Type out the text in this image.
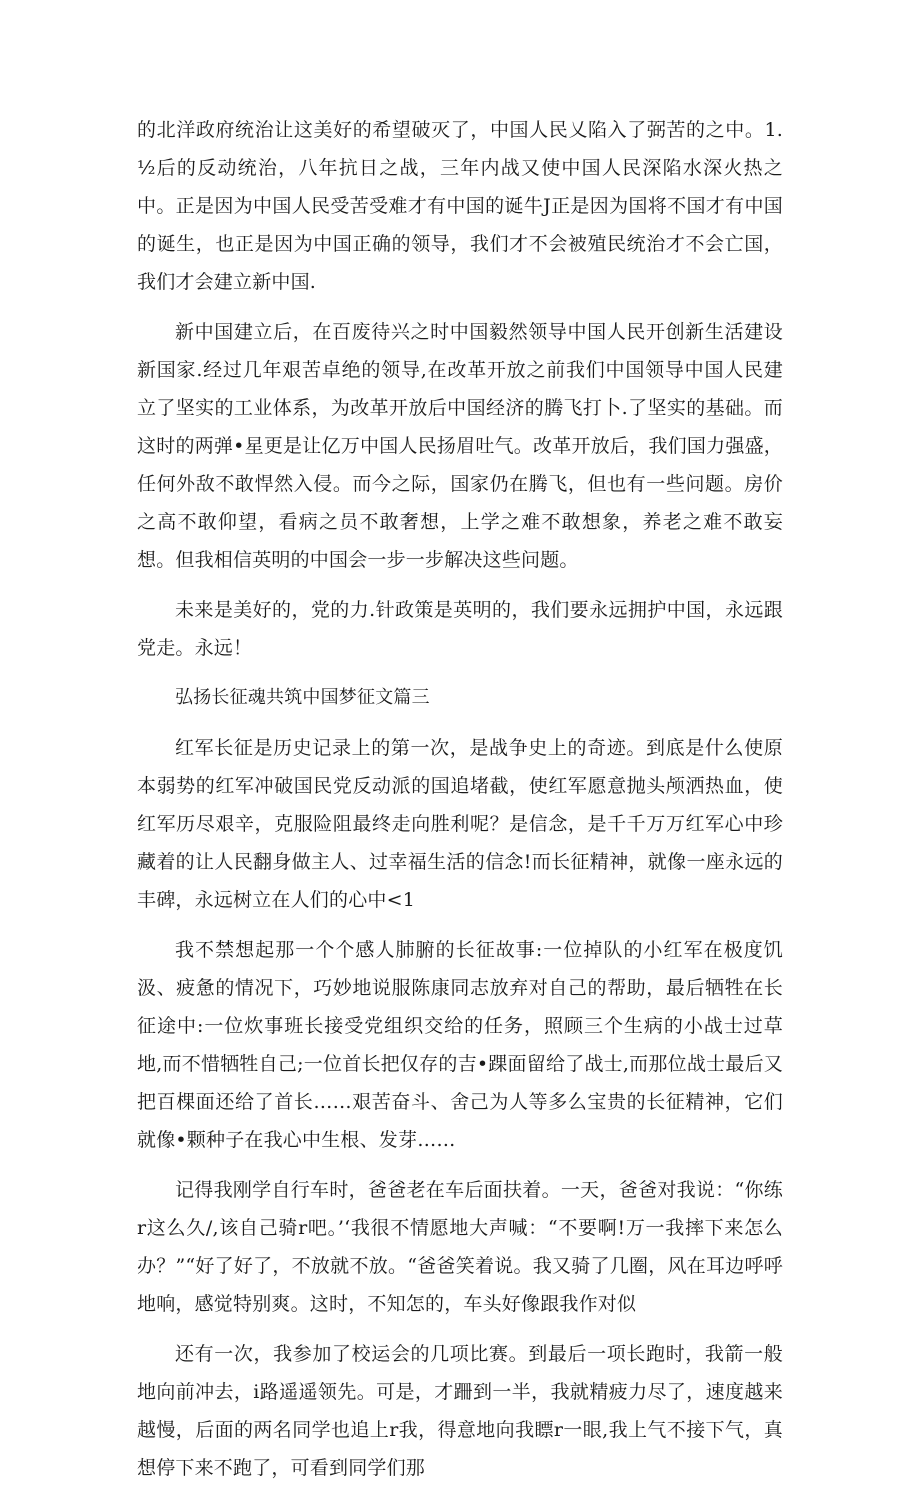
的北洋政府统治让这美好的希望破灭了，中国人民乂陷入了弼苦的之中。1.½后的反动统治，八年抗日之战，三年内战又使中国人民深陷水深火热之中。正是因为中国人民受苦受难才有中国的诞牛J正是因为国将不国才有中国的诞生，也正是因为中国正确的领导，我们才不会被殖民统治才不会亡国，我们才会建立新中国.

新中国建立后，在百废待兴之时中国毅然领导中国人民开创新生活建设新国家.经过几年艰苦卓绝的领导,在改革开放之前我们中国领导中国人民建立了坚实的工业体系，为改革开放后中国经济的腾飞打卜.了坚实的基础。而这时的两弹•星更是让亿万中国人民扬眉吐气。改革开放后，我们国力强盛，任何外敌不敢悍然入侵。而今之际，国家仍在腾飞，但也有一些问题。房价之高不敢仰望，看病之员不敢奢想，上学之难不敢想象，养老之难不敢妄想。但我相信英明的中国会一步一步解决这些问题。

未来是美好的，党的力.针政策是英明的，我们要永远拥护中国，永远跟党走。永远！

弘扬长征魂共筑中国梦征文篇三

红军长征是历史记录上的第一次，是战争史上的奇迹。到底是什么使原本弱势的红军冲破国民党反动派的国追堵截，使红军愿意抛头颅洒热血，使红军历尽艰辛，克服险阻最终走向胜利呢？是信念，是千千万万红军心中珍藏着的让人民翻身做主人、过幸福生活的信念!而长征精神，就像一座永远的丰碑，永远树立在人们的心中<1

我不禁想起那一个个感人肺腑的长征故事:一位掉队的小红军在极度饥汲、疲惫的情况下，巧妙地说服陈康同志放弃对自己的帮助，最后牺牲在长征途中:一位炊事班长接受党组织交给的任务，照顾三个生病的小战士过草地,而不惜牺牲自己;一位首长把仅存的吉•踝面留给了战士,而那位战士最后又把百棵面还给了首长……艰苦奋斗、舍己为人等多么宝贵的长征精神，它们就像•颗种子在我心中生根、发芽……

记得我刚学自行车时，爸爸老在车后面扶着。一天，爸爸对我说：“你练r这么久/,该自己骑r吧。’‘我很不情愿地大声喊：“不要啊!万一我摔下来怎么办？”“好了好了，不放就不放。“爸爸笑着说。我又骑了几圈，风在耳边呼呼地响，感觉特别爽。这时，不知怎的，车头好像跟我作对似

还有一次，我参加了校运会的几项比赛。到最后一项长跑时，我箭一般地向前冲去，i路遥遥领先。可是，才跚到一半，我就精疲力尽了，速度越来越慢，后面的两名同学也追上r我，得意地向我瞟r一眼,我上气不接下气，真想停下来不跑了，可看到同学们那
